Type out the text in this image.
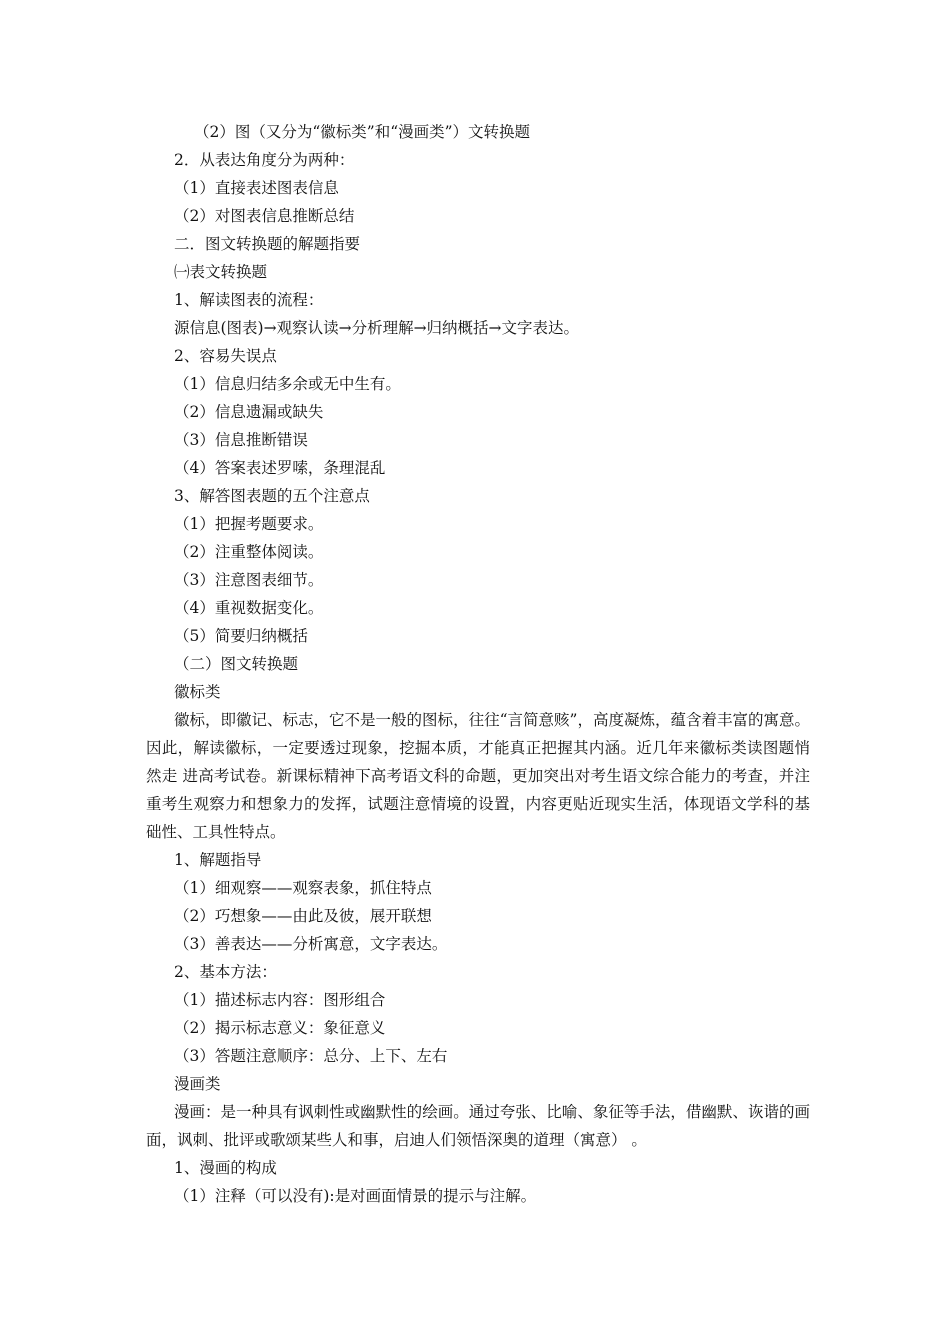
（2）图（又分为“徽标类”和“漫画类”）文转换题
2．从表达角度分为两种：
（1）直接表述图表信息
（2）对图表信息推断总结
二．图文转换题的解题指要
㈠表文转换题
1、解读图表的流程：
源信息(图表)→观察认读→分析理解→归纳概括→文字表达。
2、容易失误点
（1）信息归结多余或无中生有。
（2）信息遗漏或缺失
（3）信息推断错误
（4）答案表述罗嗦，条理混乱
3、解答图表题的五个注意点
（1）把握考题要求。
（2）注重整体阅读。
（3）注意图表细节。
（4）重视数据变化。
（5）简要归纳概括
（二）图文转换题
徽标类

徽标，即徽记、标志，它不是一般的图标，往往“言简意赅”，高度凝炼，蕴含着丰富的寓意。因此，解读徽标，一定要透过现象，挖掘本质，才能真正把握其内涵。近几年来徽标类读图题悄然走 进高考试卷。新课标精神下高考语文科的命题，更加突出对考生语文综合能力的考查，并注重考生观察力和想象力的发挥，试题注意情境的设置，内容更贴近现实生活，体现语文学科的基础性、工具性特点。

1、解题指导
（1）细观察——观察表象，抓住特点
（2）巧想象——由此及彼，展开联想
（3）善表达——分析寓意，文字表达。
2、基本方法：
（1）描述标志内容：图形组合
（2）揭示标志意义：象征意义
（3）答题注意顺序：总分、上下、左右
漫画类

漫画：是一种具有讽刺性或幽默性的绘画。通过夸张、比喻、象征等手法，借幽默、诙谐的画面，讽刺、批评或歌颂某些人和事，启迪人们领悟深奥的道理（寓意） 。

1、漫画的构成
（1）注释（可以没有):是对画面情景的提示与注解。
